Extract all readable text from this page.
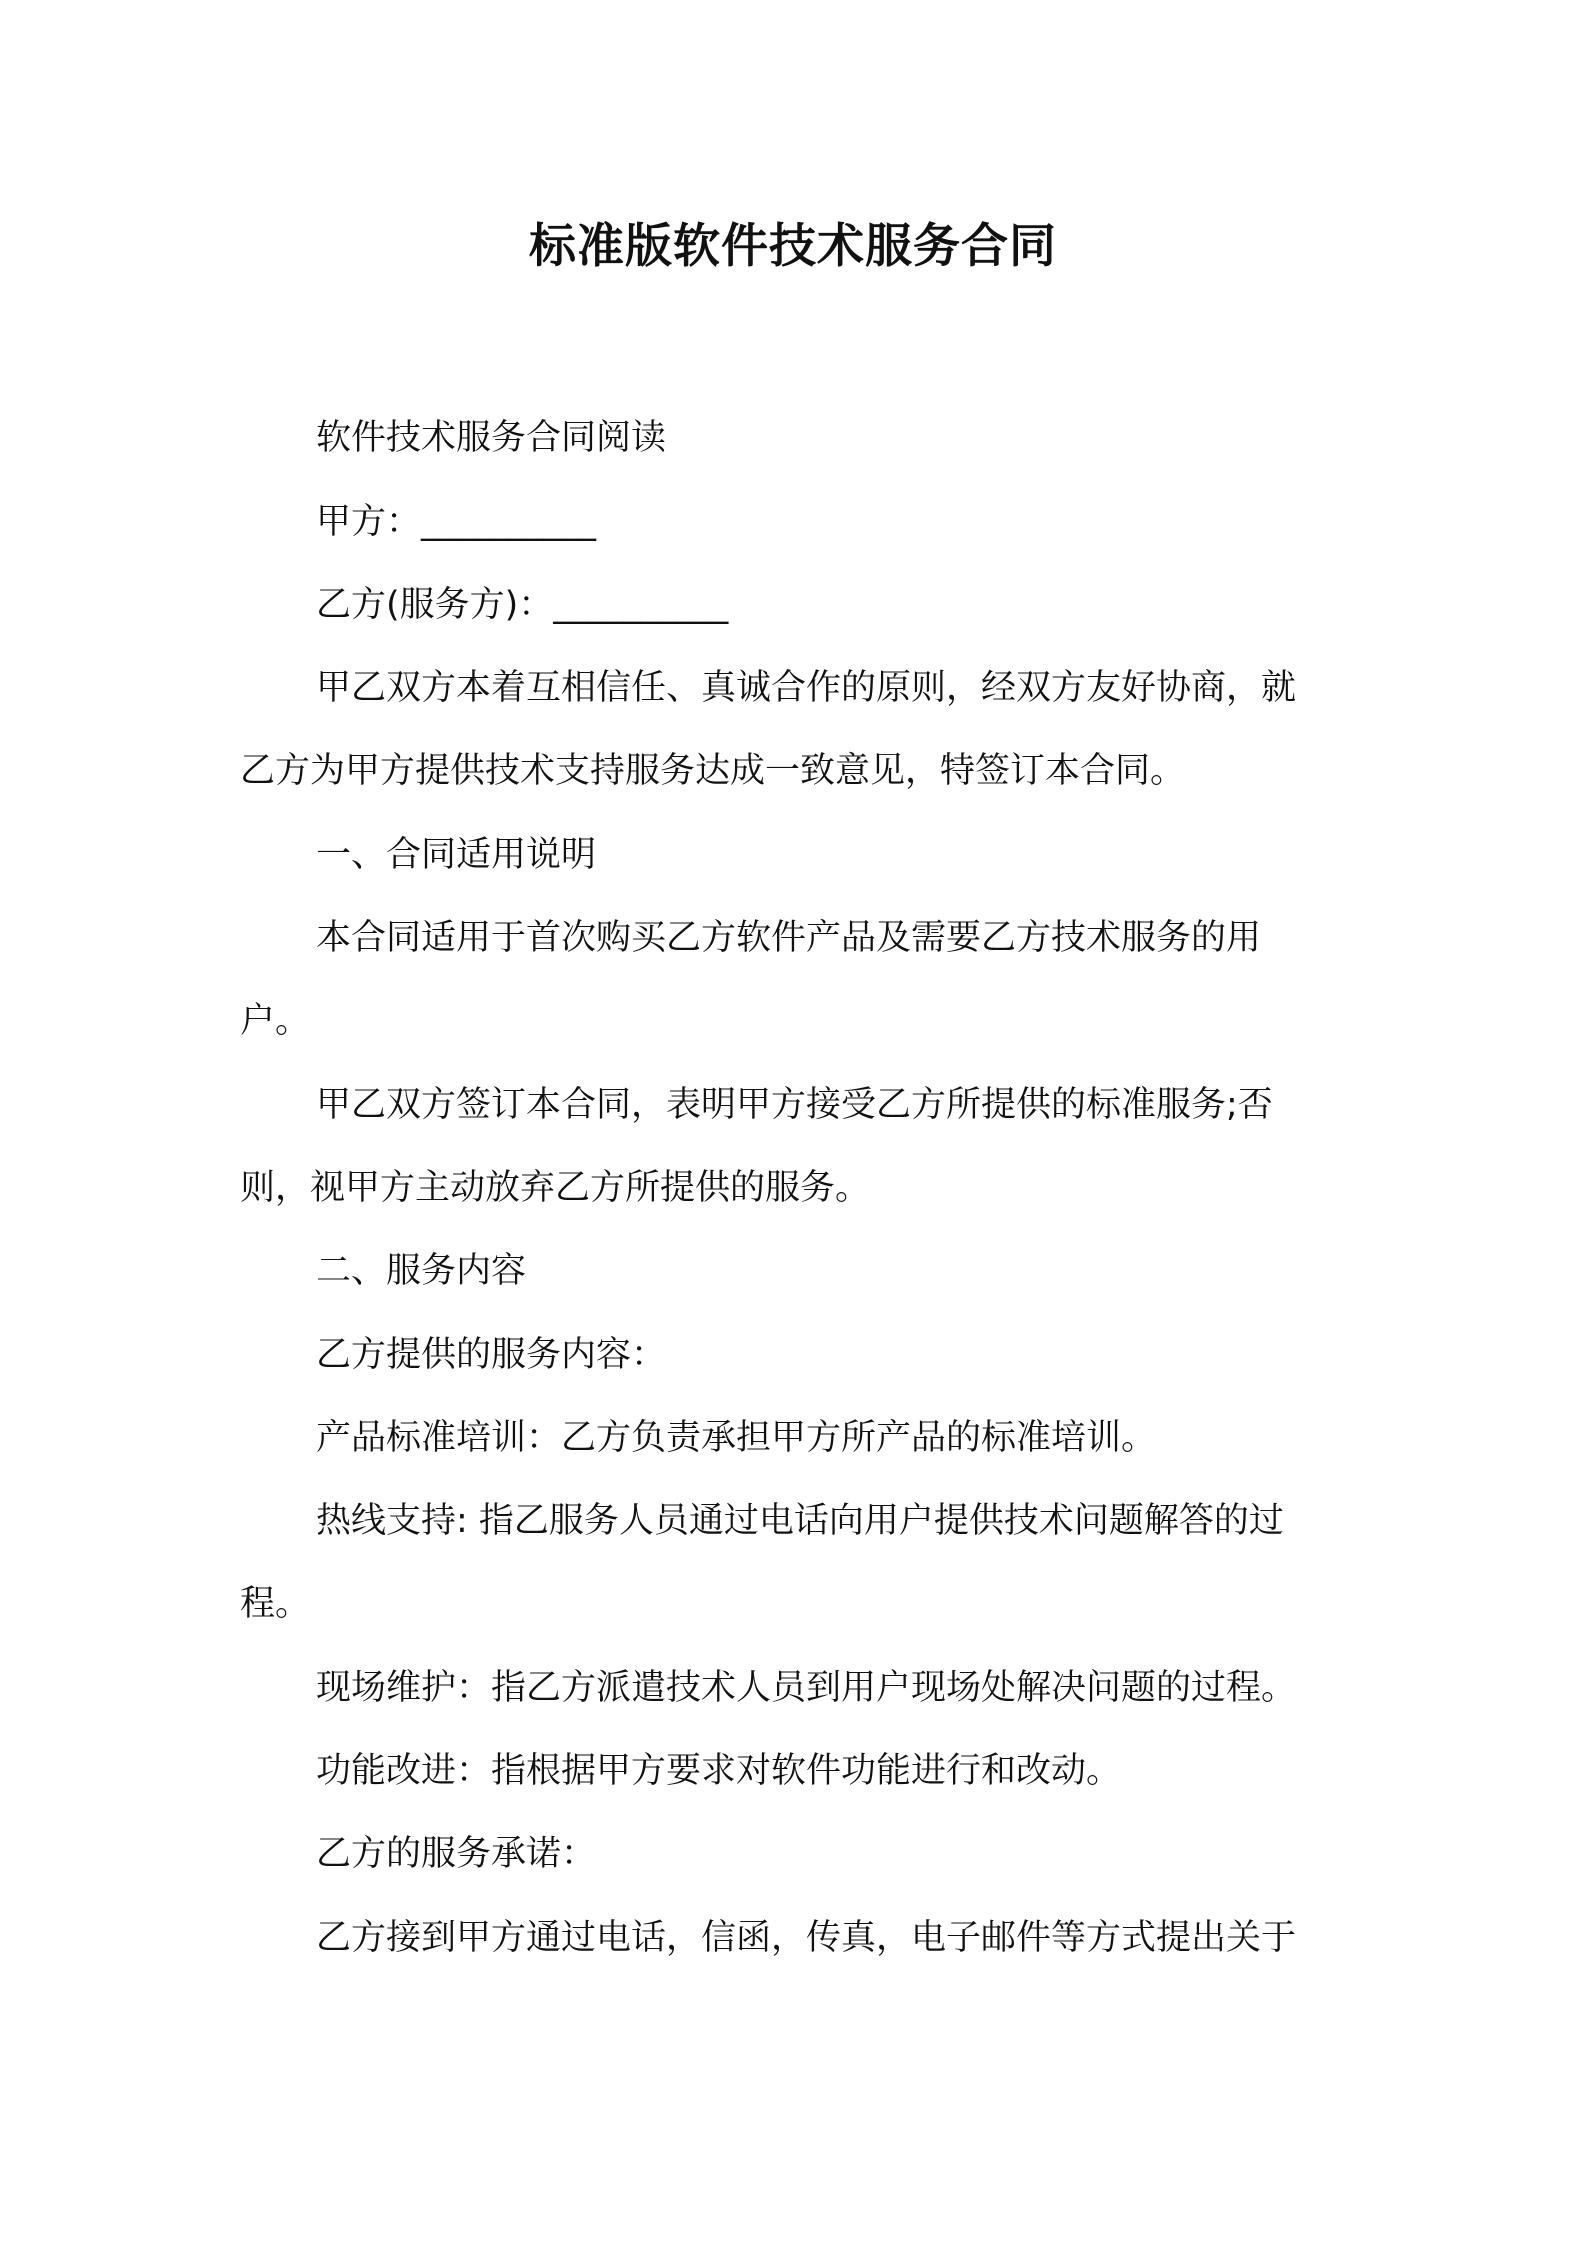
标准版软件技术服务合同

软件技术服务合同阅读

甲方：__________

乙方(服务方)：__________

甲乙双方本着互相信任、真诚合作的原则，经双方友好协商，就

乙方为甲方提供技术支持服务达成一致意见，特签订本合同。

一、合同适用说明

本合同适用于首次购买乙方软件产品及需要乙方技术服务的用

户。

甲乙双方签订本合同，表明甲方接受乙方所提供的标准服务;否

则，视甲方主动放弃乙方所提供的服务。

二、服务内容

乙方提供的服务内容：

产品标准培训：乙方负责承担甲方所产品的标准培训。

热线支持: 指乙服务人员通过电话向用户提供技术问题解答的过

程。

现场维护：指乙方派遣技术人员到用户现场处解决问题的过程。

功能改进：指根据甲方要求对软件功能进行和改动。

乙方的服务承诺：

乙方接到甲方通过电话，信函，传真，电子邮件等方式提出关于
